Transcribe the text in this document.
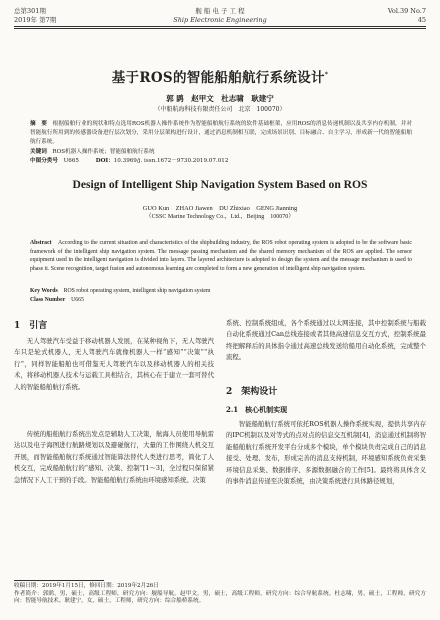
总第301期
2019年 第7期
舰 船 电 子 工 程
Ship Electronic Engineering
Vol.39 No.7
45
基于ROS的智能船舶航行系统设计*
郭 鹍　赵甲文　杜志啸　耿建宁
（中船航海科技有限责任公司　北京　100070）
摘　要　 根据船舶行业的现状和特点选用ROS机器人操作系统作为智能船舶航行系统的软件基础框架，应用ROS的消息传递机制以及共享内存机制，并对智能航行所用到的传感器设备进行层次划分，采用分层架构进行设计，通过消息机制相互联，完成场景识别、目标融合、自主学习，形成新一代的智能船舶航行系统。
关键词　 ROS机器人操作系统；智能船舶航行系统
中图分类号　 U665　　　	DOI：10.3969/j. issn.1672－9730.2019.07.012
Design of Intelligent Ship Navigation System Based on ROS
GUO Kun　ZHAO Jiawen　DU Zhixiao　GENG Jianning
（CSSC Marine Technology Co.，Ltd.，Beijing　100070）
Abstract　 According to the current situation and characteristics of the shipbuilding industry, the ROS robot operating system is adopted to be the software basic framework of the intelligent ship navigation system. The message passing mechanism and the shared memory mechanism of the ROS are applied. The sensor equipment used in the intelligent navigation is divided into layers. The layered architecture is adopted to design the system and the message mechanism is used to phase it. Scene recognition, target fusion and autonomous learning are completed to form a new generation of intelligent ship navigation system.
Key Words　 ROS robot operating system, intelligent ship navigation system
Class Number　 U665
1　引言
无人驾驶汽车受益于移动机器人发展，在某种视角下，无人驾驶汽车只是轮式机器人，无人驾驶汽车就像机器人一样“感知”“决策”“执行”，同样智能船舶也可借鉴无人驾驶汽车以及移动机器人的相关技术，将移动机器人技术与运载工具相结合，其核心在于建立一套可替代人的智能船舶航行系统。
传统的船舶航行系统出发点是辅助人工决策，航海人员使用导航雷达以及电子海图进行航路规划以及避碰航行，大量的工作围绕人机交互开展，而智能船舶航行系统通过智能算法替代人类进行思考，简化了人机交互，完成船舶航行的“感知、决策、控制”[1～3]，全过程只保留紧急情况下人工干预的手段。智能船舶航行系统由环境感知系统、决策
系统、控制系统组成，各个系统通过以太网连接，其中控制系统与船载自动化系统通过Can总线连接或者其他高速信息交互方式，控制系统最终把解释后的具体指令通过高速总线发送给船用自动化系统，完成整个流程。
2　架构设计
2.1　核心机制实现
智能船舶航行系统可依托ROS机器人操作系统实现，提供共享内存的IPC机制以及对等式的点对点的信息交互机制[4]，消息通过机制将智能船舶航行系统开发平台分成多个模块，单个模块负责完成自己的消息接受、处理、发布，形成完善的消息支持机制，环境感知系统负责采集环境信息采集、数据排序、多源数据融合的工作[5]。最终将具体含义的事件消息传递至决策系统，由决策系统进行具体路径规划，
收稿日期：2019年1月15日，修回日期：2019年2月26日
作者简介：郭鹍，男，硕士，高级工程师，研究方向：舰船导航。赵甲文，男，硕士，高级工程师，研究方向：综合导航系统。杜志啸，男，硕士，工程师，研究方向：智能导航技术。耿建宁，女，硕士，工程师，研究方向：综合船桥系统。
